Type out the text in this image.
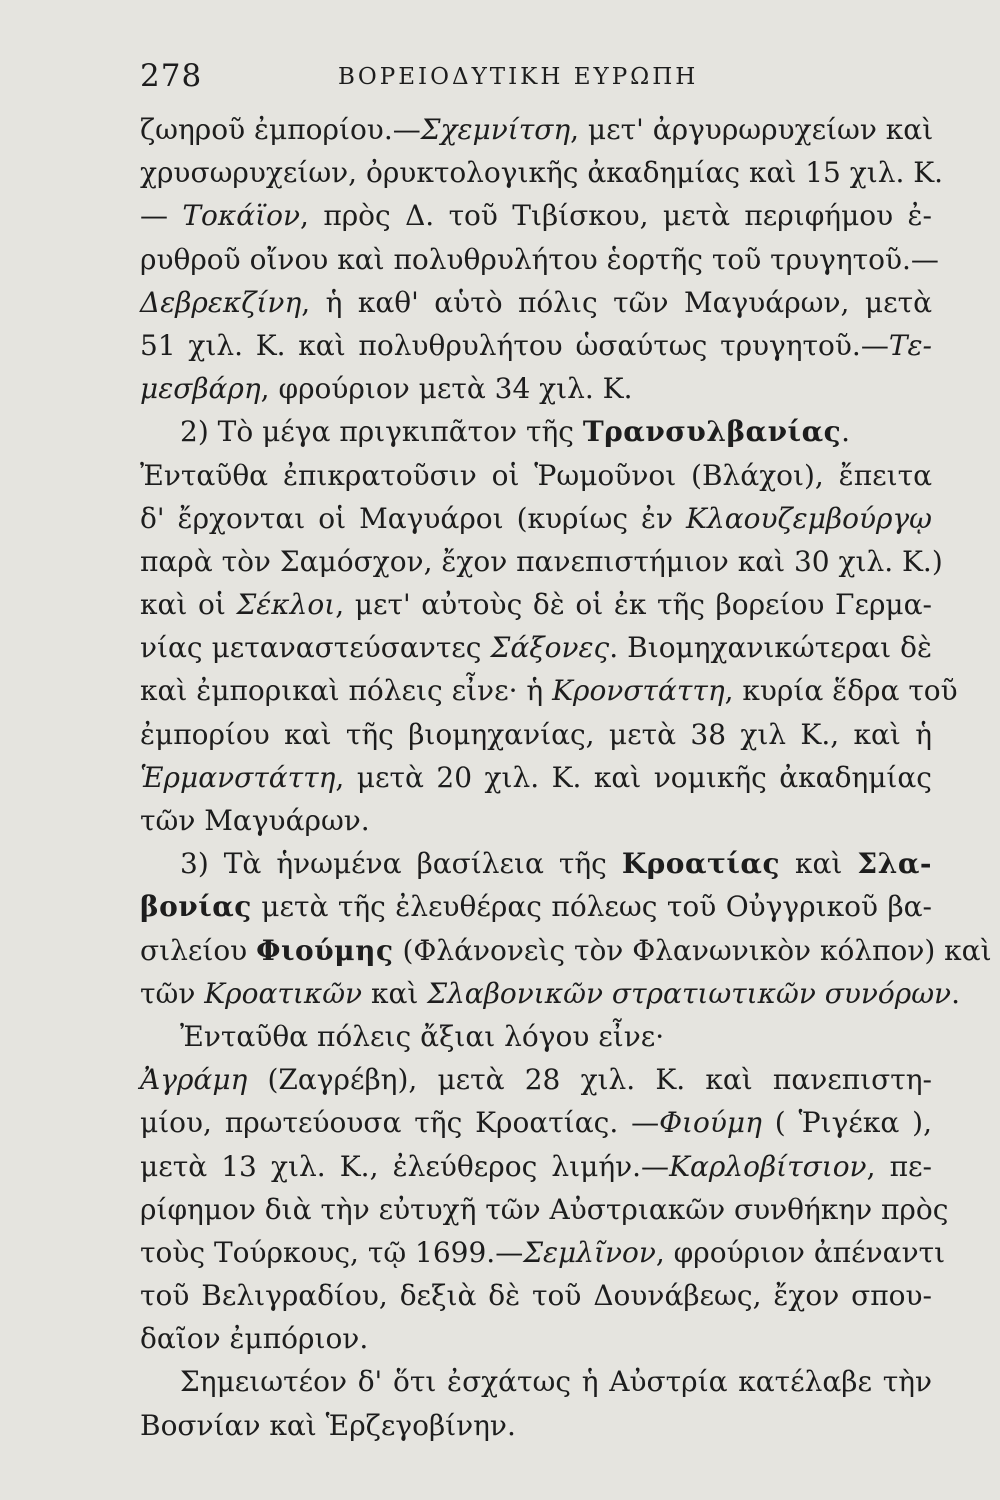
278	ΒΟΡΕΙΟΔΥΤΙΚΗ ΕΥΡΩΠΗ
ζωηροῦ ἐμπορίου.—Σχεμνίτση, μετ' ἀργυρωρυχείων καὶ
χρυσωρυχείων, ὀρυκτολογικῆς ἀκαδημίας καὶ 15 χιλ. Κ.
— Τοκάϊον, πρὸς Δ. τοῦ Τιβίσκου, μετὰ περιφήμου ἐ-
ρυθροῦ οἴνου καὶ πολυθρυλήτου ἑορτῆς τοῦ τρυγητοῦ.—
Δεβρεκζίνη, ἡ καθ' αὑτὸ πόλις τῶν Μαγυάρων, μετὰ
51 χιλ. Κ. καὶ πολυθρυλήτου ὡσαύτως τρυγητοῦ.—Τε-
μεσβάρη, φρούριον μετὰ 34 χιλ. Κ.
2) Τὸ μέγα πριγκιπᾶτον τῆς Τρανσυλβανίας.
Ἐνταῦθα ἐπικρατοῦσιν οἱ Ῥωμοῦνοι (Βλάχοι), ἔπειτα
δ' ἔρχονται οἱ Μαγυάροι (κυρίως ἐν Κλαουζεμβούργῳ
παρὰ τὸν Σαμόσχον, ἔχον πανεπιστήμιον καὶ 30 χιλ. Κ.)
καὶ οἱ Σέκλοι, μετ' αὐτοὺς δὲ οἱ ἐκ τῆς βορείου Γερμα-
νίας μεταναστεύσαντες Σάξονες. Βιομηχανικώτεραι δὲ
καὶ ἐμπορικαὶ πόλεις εἶνε· ἡ Κρονστάττη, κυρία ἕδρα τοῦ
ἐμπορίου καὶ τῆς βιομηχανίας, μετὰ 38 χιλ Κ., καὶ ἡ
Ἑρμανστάττη, μετὰ 20 χιλ. Κ. καὶ νομικῆς ἀκαδημίας
τῶν Μαγυάρων.
3) Τὰ ἡνωμένα βασίλεια τῆς Κροατίας καὶ Σλα-
βονίας μετὰ τῆς ἐλευθέρας πόλεως τοῦ Οὐγγρικοῦ βα-
σιλείου Φιούμης (Φλάνονεὶς τὸν Φλανωνικὸν κόλπον) καὶ
τῶν Κροατικῶν καὶ Σλαβονικῶν στρατιωτικῶν συνόρων.
Ἐνταῦθα πόλεις ἄξιαι λόγου εἶνε·
Ἀγράμη (Ζαγρέβη), μετὰ 28 χιλ. Κ. καὶ πανεπιστη-
μίου, πρωτεύουσα τῆς Κροατίας. —Φιούμη ( Ῥιγέκα ),
μετὰ 13 χιλ. Κ., ἐλεύθερος λιμήν.—Καρλοβίτσιον, πε-
ρίφημον διὰ τὴν εὐτυχῆ τῶν Αὐστριακῶν συνθήκην πρὸς
τοὺς Τούρκους, τῷ 1699.—Σεμλῖνον, φρούριον ἀπέναντι
τοῦ Βελιγραδίου, δεξιὰ δὲ τοῦ Δουνάβεως, ἔχον σπου-
δαῖον ἐμπόριον.
Σημειωτέον δ' ὅτι ἐσχάτως ἡ Αὐστρία κατέλαβε τὴν
Βοσνίαν καὶ Ἑρζεγοβίνην.
